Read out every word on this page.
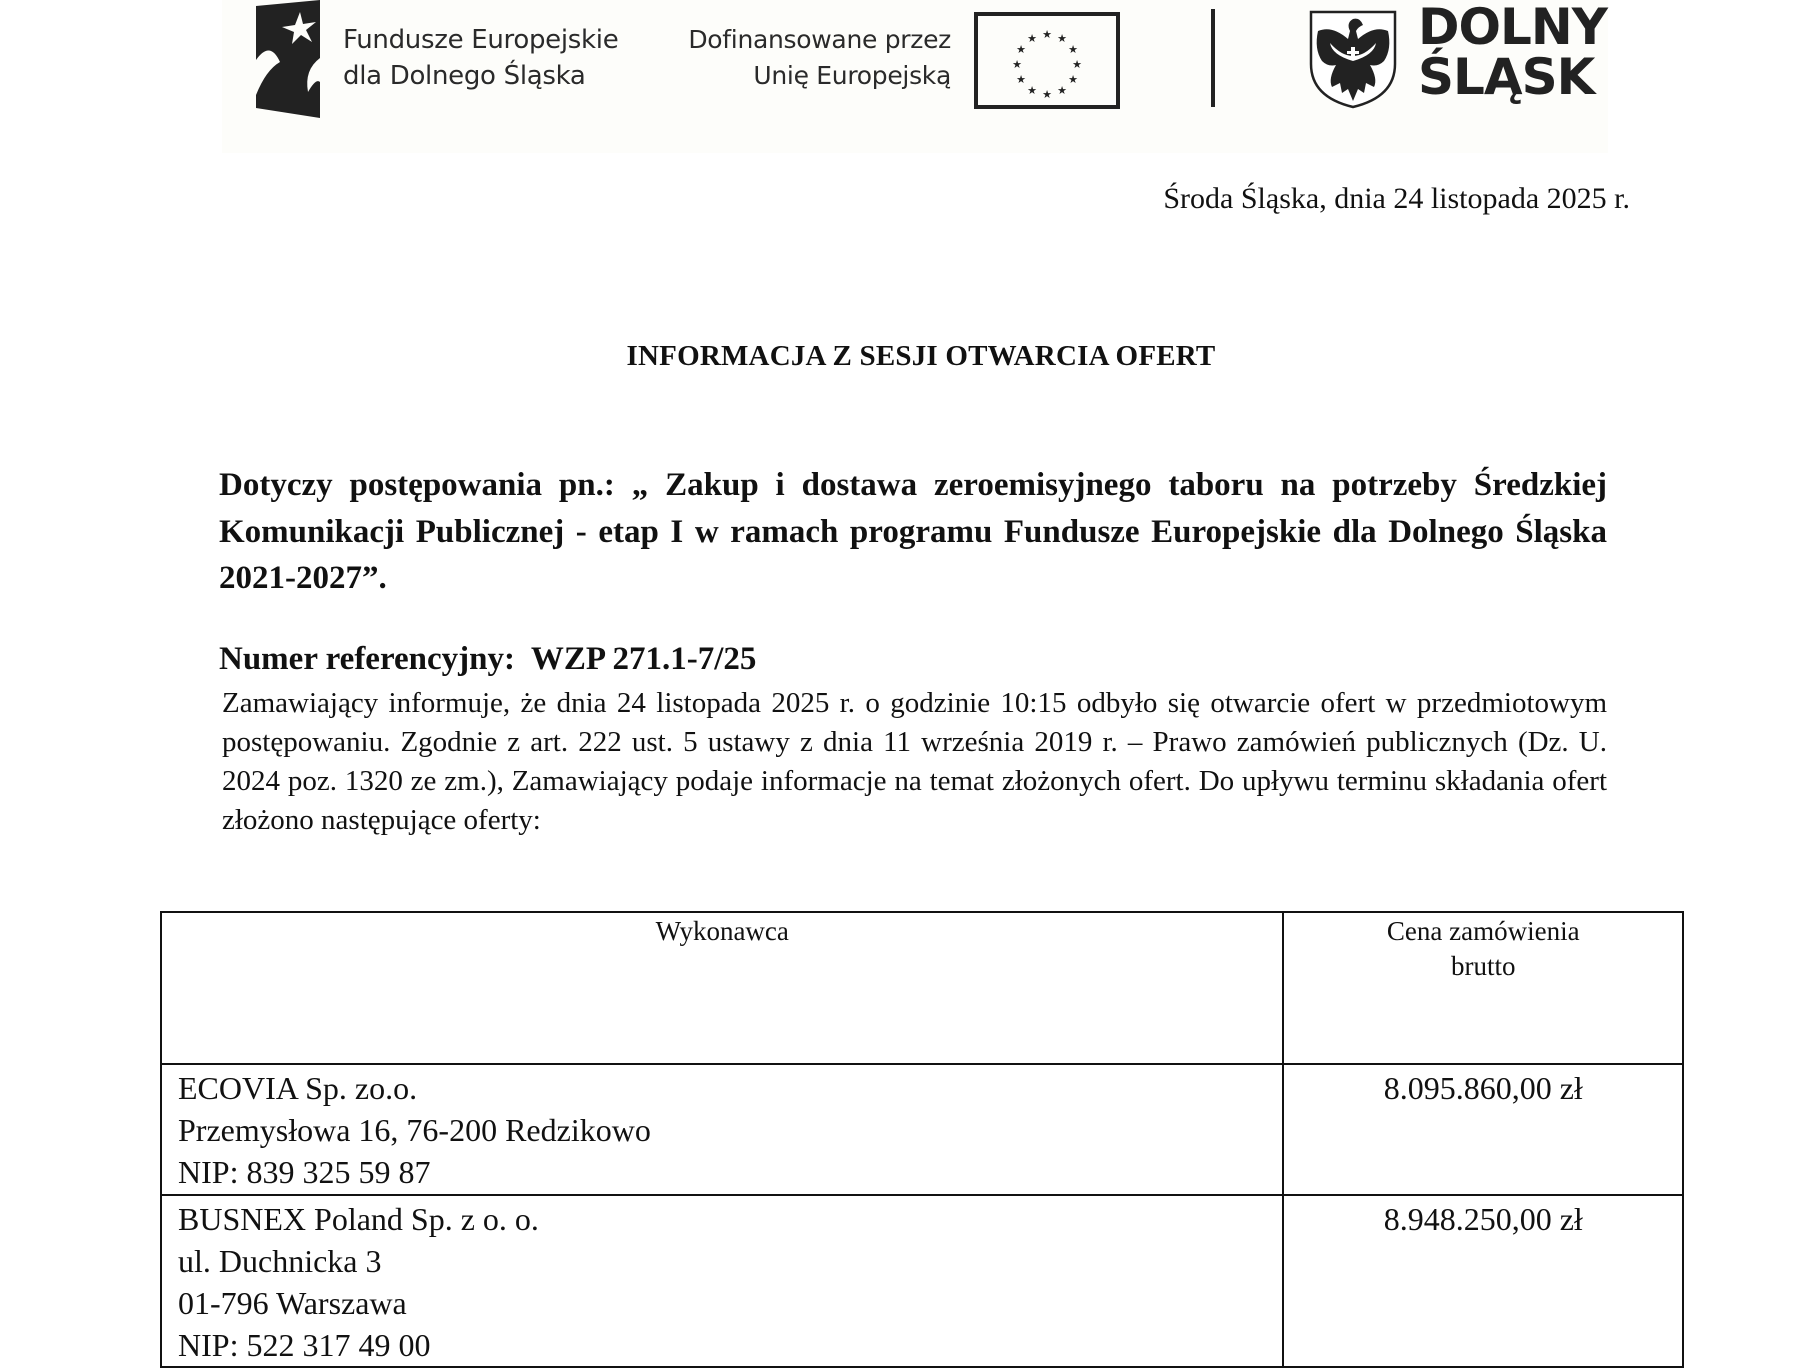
Fundusze Europejskie
dla Dolnego Śląska
Dofinansowane przez
Unię Europejską
★ ★
★
★
★
★
★
★
★
★
★
★	DOLNY
ŚLĄSK
Środa Śląska, dnia 24 listopada 2025 r.
INFORMACJA Z SESJI OTWARCIA OFERT
Dotyczy postępowania pn.: „ Zakup i dostawa zeroemisyjnego taboru na potrzeby Średzkiej Komunikacji Publicznej - etap I w ramach programu Fundusze Europejskie dla Dolnego Śląska 2021-2027”.
Numer referencyjny:  WZP 271.1-7/25
Zamawiający informuje, że dnia 24 listopada 2025 r. o godzinie 10:15 odbyło się otwarcie ofert w przedmiotowym postępowaniu. Zgodnie z art. 222 ust. 5 ustawy z dnia 11 września 2019 r. – Prawo zamówień publicznych (Dz. U. 2024 poz. 1320 ze zm.), Zamawiający podaje informacje na temat złożonych ofert. Do upływu terminu składania ofert złożono następujące oferty:
Wykonawca	Cena zamówienia
brutto

ECOVIA Sp. zo.o.
Przemysłowa 16, 76-200 Redzikowo
NIP: 839 325 59 87	8.095.860,00 zł

BUSNEX Poland Sp. z o. o.
ul. Duchnicka 3
01-796 Warszawa
NIP: 522 317 49 00	8.948.250,00 zł
